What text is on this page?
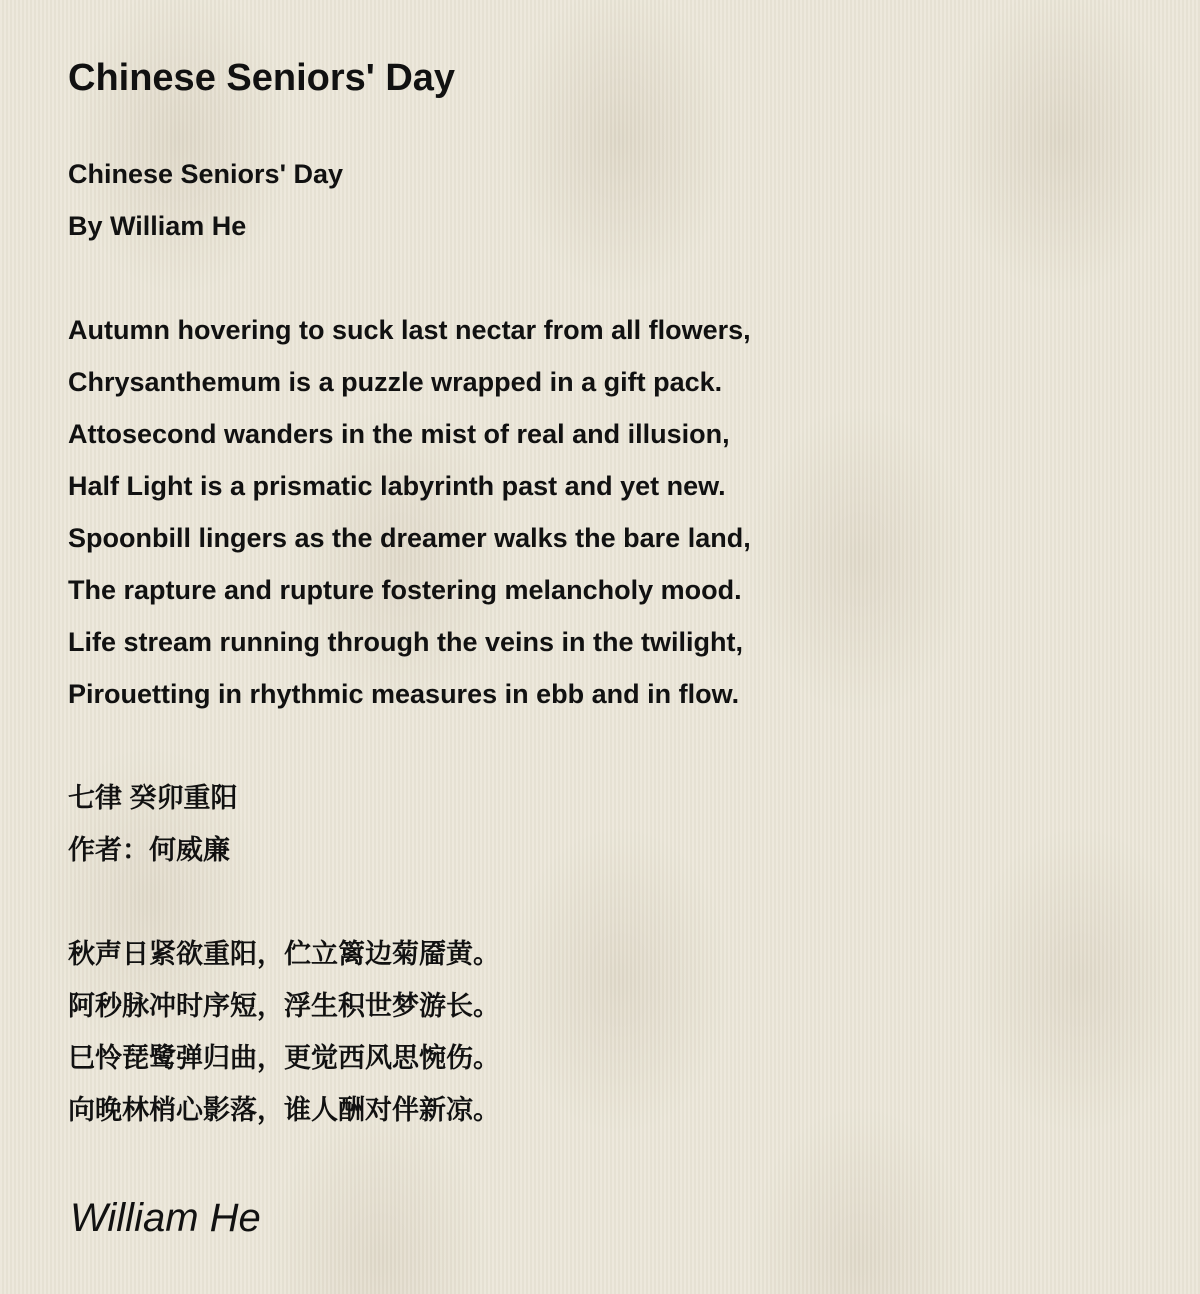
Chinese Seniors' Day
Chinese Seniors' Day
By William He
Autumn hovering to suck last nectar from all flowers,
Chrysanthemum is a puzzle wrapped in a gift pack.
Attosecond wanders in the mist of real and illusion,
Half Light is a prismatic labyrinth past and yet new.
Spoonbill lingers as the dreamer walks the bare land,
The rapture and rupture fostering melancholy mood.
Life stream running through the veins in the twilight,
Pirouetting in rhythmic measures in ebb and in flow.
七律 癸卯重阳
作者：何威廉
秋声日紧欲重阳，伫立篱边菊靥黄。
阿秒脉冲时序短，浮生积世梦游长。
巳怜琵鹭弹归曲，更觉西风思惋伤。
向晚林梢心影落，谁人酬对伴新凉。
William He
